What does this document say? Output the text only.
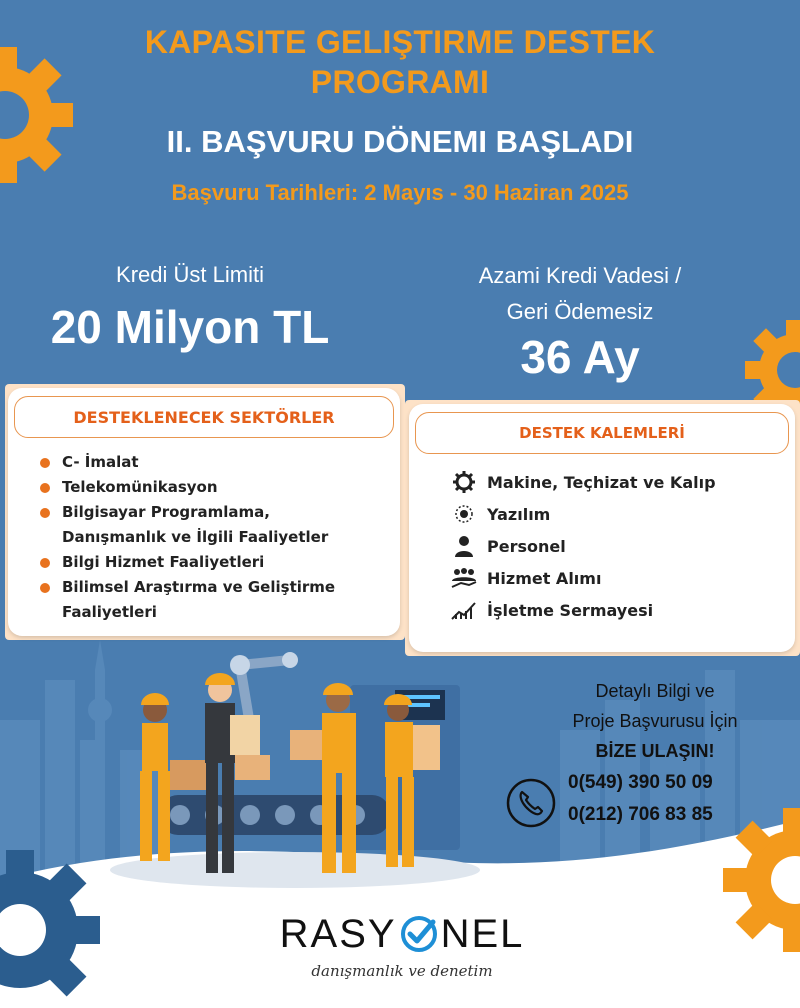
KAPASITE GELIŞTIRME DESTEK
PROGRAMI
II. BAŞVURU DÖNEMI BAŞLADI
Başvuru Tarihleri: 2 Mayıs - 30 Haziran 2025
Kredi Üst Limiti
20 Milyon TL
Azami Kredi Vadesi /
Geri Ödemesiz
36 Ay
DESTEKLENECEK SEKTÖRLER
C- İmalat
Telekomünikasyon
Bilgisayar Programlama,
Danışmanlık ve İlgili Faaliyetler
Bilgi Hizmet Faaliyetleri
Bilimsel Araştırma ve Geliştirme
Faaliyetleri
DESTEK KALEMLERİ
Makine, Teçhizat ve Kalıp
Yazılım
Personel
Hizmet Alımı
İşletme Sermayesi
Detaylı Bilgi ve
Proje Başvurusu İçin
BİZE ULAŞIN!
0(549) 390 50 09
0(212) 706 83 85
RASY NEL
danışmanlık ve denetim
